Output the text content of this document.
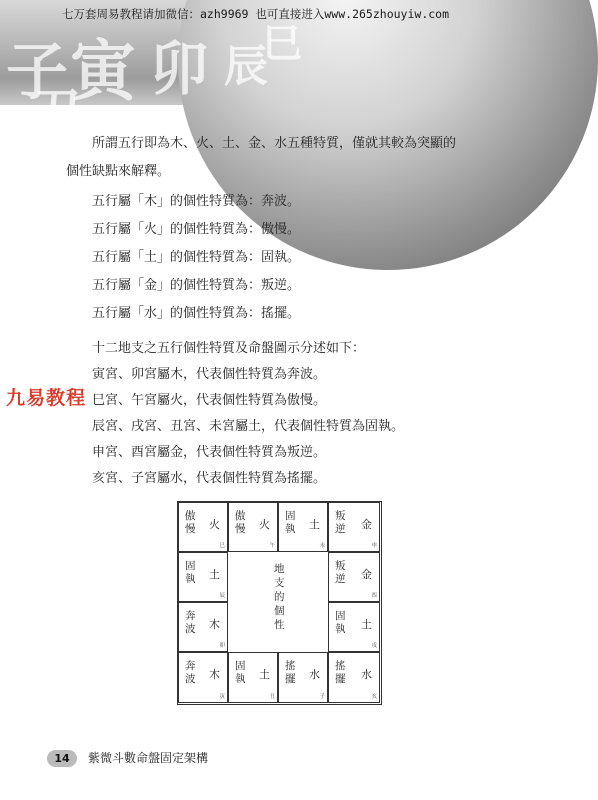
子 寅 卯 辰
丑
巳
七万套周易教程请加微信：azh9969 也可直接进入www.265zhouyiw.com
所謂五行即為木、火、土、金、水五種特質，僅就其較為突顯的
個性缺點來解釋。
五行屬「木」的個性特質為：奔波。
五行屬「火」的個性特質為：傲慢。
五行屬「土」的個性特質為：固執。
五行屬「金」的個性特質為：叛逆。
五行屬「水」的個性特質為：搖擺。
十二地支之五行個性特質及命盤圖示分述如下：
寅宮、卯宮屬木，代表個性特質為奔波。
巳宮、午宮屬火，代表個性特質為傲慢。
辰宮、戌宮、丑宮、未宮屬土，代表個性特質為固執。
申宮、酉宮屬金，代表個性特質為叛逆。
亥宮、子宮屬水，代表個性特質為搖擺。
九易教程
傲慢 火
巳
傲慢 火
午
固執 土
未
叛逆 金
申
固執 土
辰
叛逆 金
酉
奔波 木
卯
固執 土
戌
奔波 木
寅
固執 土
丑
搖擺 水
子
搖擺 水
亥
地支的個性
14	紫微斗數命盤固定架構
